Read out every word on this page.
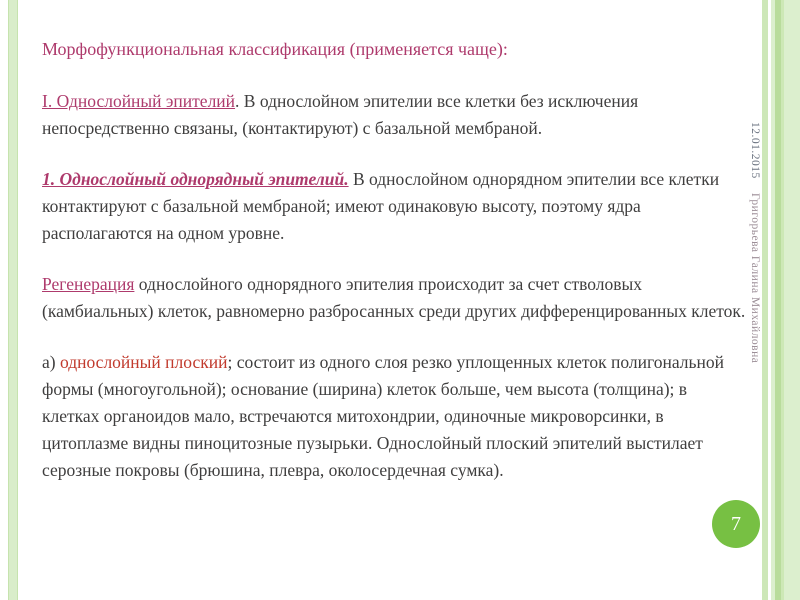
Морфофункциональная классификация (применяется чаще):

I. Однослойный эпителий. В однослойном эпителии все клетки без исключения непосредственно связаны, (контактируют) с базальной мембраной.

1. Однослойный однорядный эпителий. В однослойном однорядном эпителии все клетки контактируют с базальной мембраной; имеют одинаковую высоту, поэтому ядра располагаются на одном уровне.

Регенерация однослойного однорядного эпителия происходит за счет стволовых (камбиальных) клеток, равномерно разбросанных среди других дифференцированных клеток.

а) однослойный плоский; состоит из одного слоя резко уплощенных клеток полигональной формы (многоугольной); основание (ширина) клеток больше, чем высота (толщина); в клетках органоидов мало, встречаются митохондрии, одиночные микроворсинки, в цитоплазме видны пиноцитозные пузырьки. Однослойный плоский эпителий выстилает серозные покровы (брюшина, плевра, околосердечная сумка).

12.01.2015Григорьева Галина Михайловна
7
